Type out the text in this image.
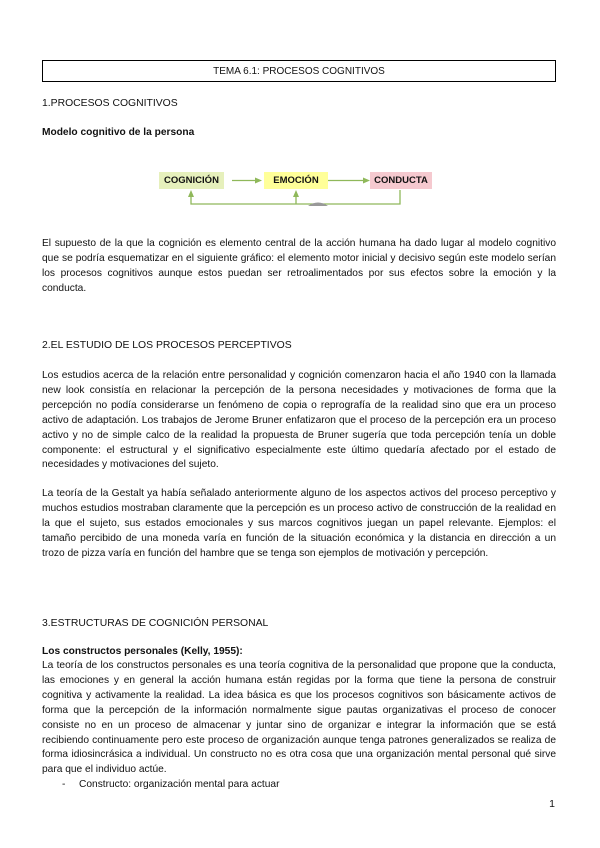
TEMA 6.1: PROCESOS COGNITIVOS
1.PROCESOS COGNITIVOS
Modelo cognitivo de la persona
COGNICIÓN	EMOCIÓN	CONDUCTA

El supuesto de la que la cognición es elemento central de la acción humana ha dado lugar al modelo cognitivo que se podría esquematizar en el siguiente gráfico: el elemento motor inicial y decisivo según este modelo serían los procesos cognitivos aunque estos puedan ser retroalimentados por sus efectos sobre la emoción y la conducta.

2.EL ESTUDIO DE LOS PROCESOS PERCEPTIVOS

Los estudios acerca de la relación entre personalidad y cognición comenzaron hacia el año 1940 con la llamada new look consistía en relacionar la percepción de la persona necesidades y motivaciones de forma que la percepción no podía considerarse un fenómeno de copia o reprografía de la realidad sino que era un proceso activo de adaptación. Los trabajos de Jerome Bruner enfatizaron que el proceso de la percepción era un proceso activo y no de simple calco de la realidad la propuesta de Bruner sugería que toda percepción tenía un doble componente: el estructural y el significativo especialmente este último quedaría afectado por el estado de necesidades y motivaciones del sujeto.

La teoría de la Gestalt ya había señalado anteriormente alguno de los aspectos activos del proceso perceptivo y muchos estudios mostraban claramente que la percepción es un proceso activo de construcción de la realidad en la que el sujeto, sus estados emocionales y sus marcos cognitivos juegan un papel relevante. Ejemplos: el tamaño percibido de una moneda varía en función de la situación económica y la distancia en dirección a un trozo de pizza varía en función del hambre que se tenga son ejemplos de motivación y percepción.

3.ESTRUCTURAS DE COGNICIÓN PERSONAL
Los constructos personales (Kelly, 1955):

La teoría de los constructos personales es una teoría cognitiva de la personalidad que propone que la conducta, las emociones y en general la acción humana están regidas por la forma que tiene la persona de construir cognitiva y activamente la realidad. La idea básica es que los procesos cognitivos son básicamente activos de forma que la percepción de la información normalmente sigue pautas organizativas el proceso de conocer consiste no en un proceso de almacenar y juntar sino de organizar e integrar la información que se está recibiendo continuamente pero este proceso de organización aunque tenga patrones generalizados se realiza de forma idiosincrásica a individual. Un constructo no es otra cosa que una organización mental personal qué sirve para que el individuo actúe.

- Constructo: organización mental para actuar
1
